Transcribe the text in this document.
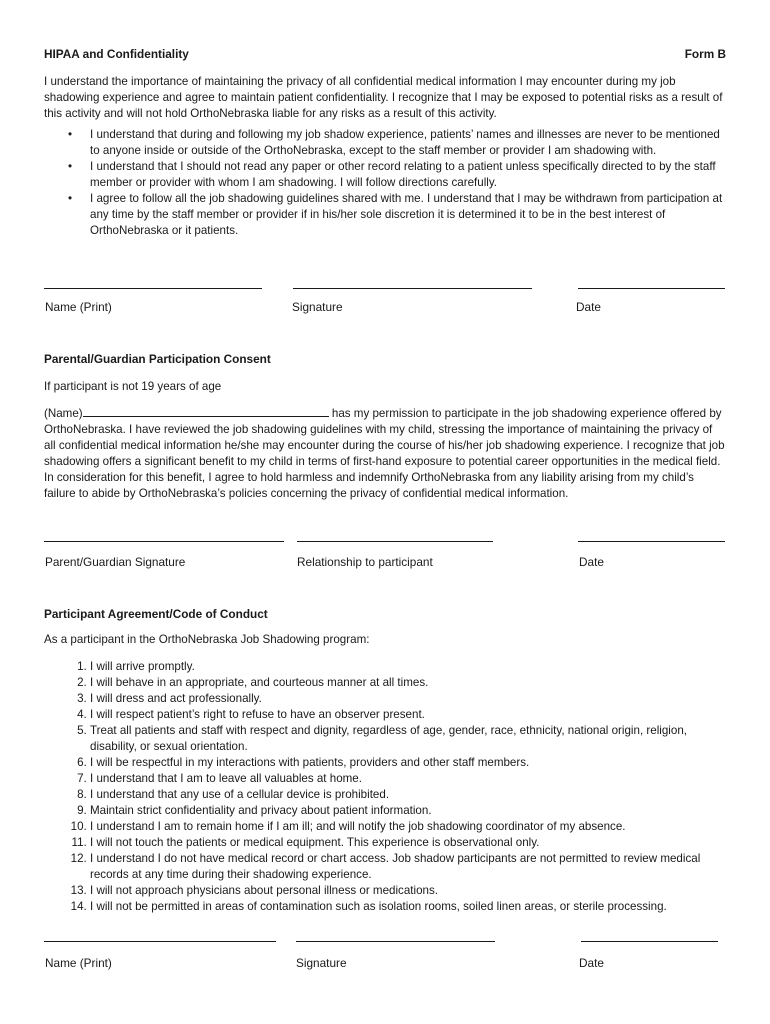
HIPAA and Confidentiality	Form B

I understand the importance of maintaining the privacy of all confidential medical information I may encounter during my job shadowing experience and agree to maintain patient confidentiality. I recognize that I may be exposed to potential risks as a result of this activity and will not hold OrthoNebraska liable for any risks as a result of this activity.

• I understand that during and following my job shadow experience, patients’ names and illnesses are never to be mentioned to anyone inside or outside of the OrthoNebraska, except to the staff member or provider I am shadowing with.
• I understand that I should not read any paper or other record relating to a patient unless specifically directed to by the staff member or provider with whom I am shadowing. I will follow directions carefully.
• I agree to follow all the job shadowing guidelines shared with me. I understand that I may be withdrawn from participation at any time by the staff member or provider if in his/her sole discretion it is determined it to be in the best interest of OrthoNebraska or it patients.
Name (Print)	Signature	Date
Parental/Guardian Participation Consent
If participant is not 19 years of age
(Name)	has my permission to participate in the job shadowing experience offered by OrthoNebraska. I have reviewed the job shadowing guidelines with my child, stressing the importance of maintaining the privacy of all confidential medical information he/she may encounter during the course of his/her job shadowing experience. I recognize that job shadowing offers a significant benefit to my child in terms of first-hand exposure to potential career opportunities in the medical field. In consideration for this benefit, I agree to hold harmless and indemnify OrthoNebraska from any liability arising from my child’s failure to abide by OrthoNebraska’s policies concerning the privacy of confidential medical information.
Parent/Guardian Signature	Relationship to participant	Date
Participant Agreement/Code of Conduct
As a participant in the OrthoNebraska Job Shadowing program:
1. I will arrive promptly.
2. I will behave in an appropriate, and courteous manner at all times.
3. I will dress and act professionally.
4. I will respect patient’s right to refuse to have an observer present.
5. Treat all patients and staff with respect and dignity, regardless of age, gender, race, ethnicity, national origin, religion, disability, or sexual orientation.
6. I will be respectful in my interactions with patients, providers and other staff members.
7. I understand that I am to leave all valuables at home.
8. I understand that any use of a cellular device is prohibited.
9. Maintain strict confidentiality and privacy about patient information.
10. I understand I am to remain home if I am ill; and will notify the job shadowing coordinator of my absence.
11. I will not touch the patients or medical equipment. This experience is observational only.
12. I understand I do not have medical record or chart access. Job shadow participants are not permitted to review medical records at any time during their shadowing experience.
13. I will not approach physicians about personal illness or medications.
14. I will not be permitted in areas of contamination such as isolation rooms, soiled linen areas, or sterile processing.
Name (Print)	Signature	Date
